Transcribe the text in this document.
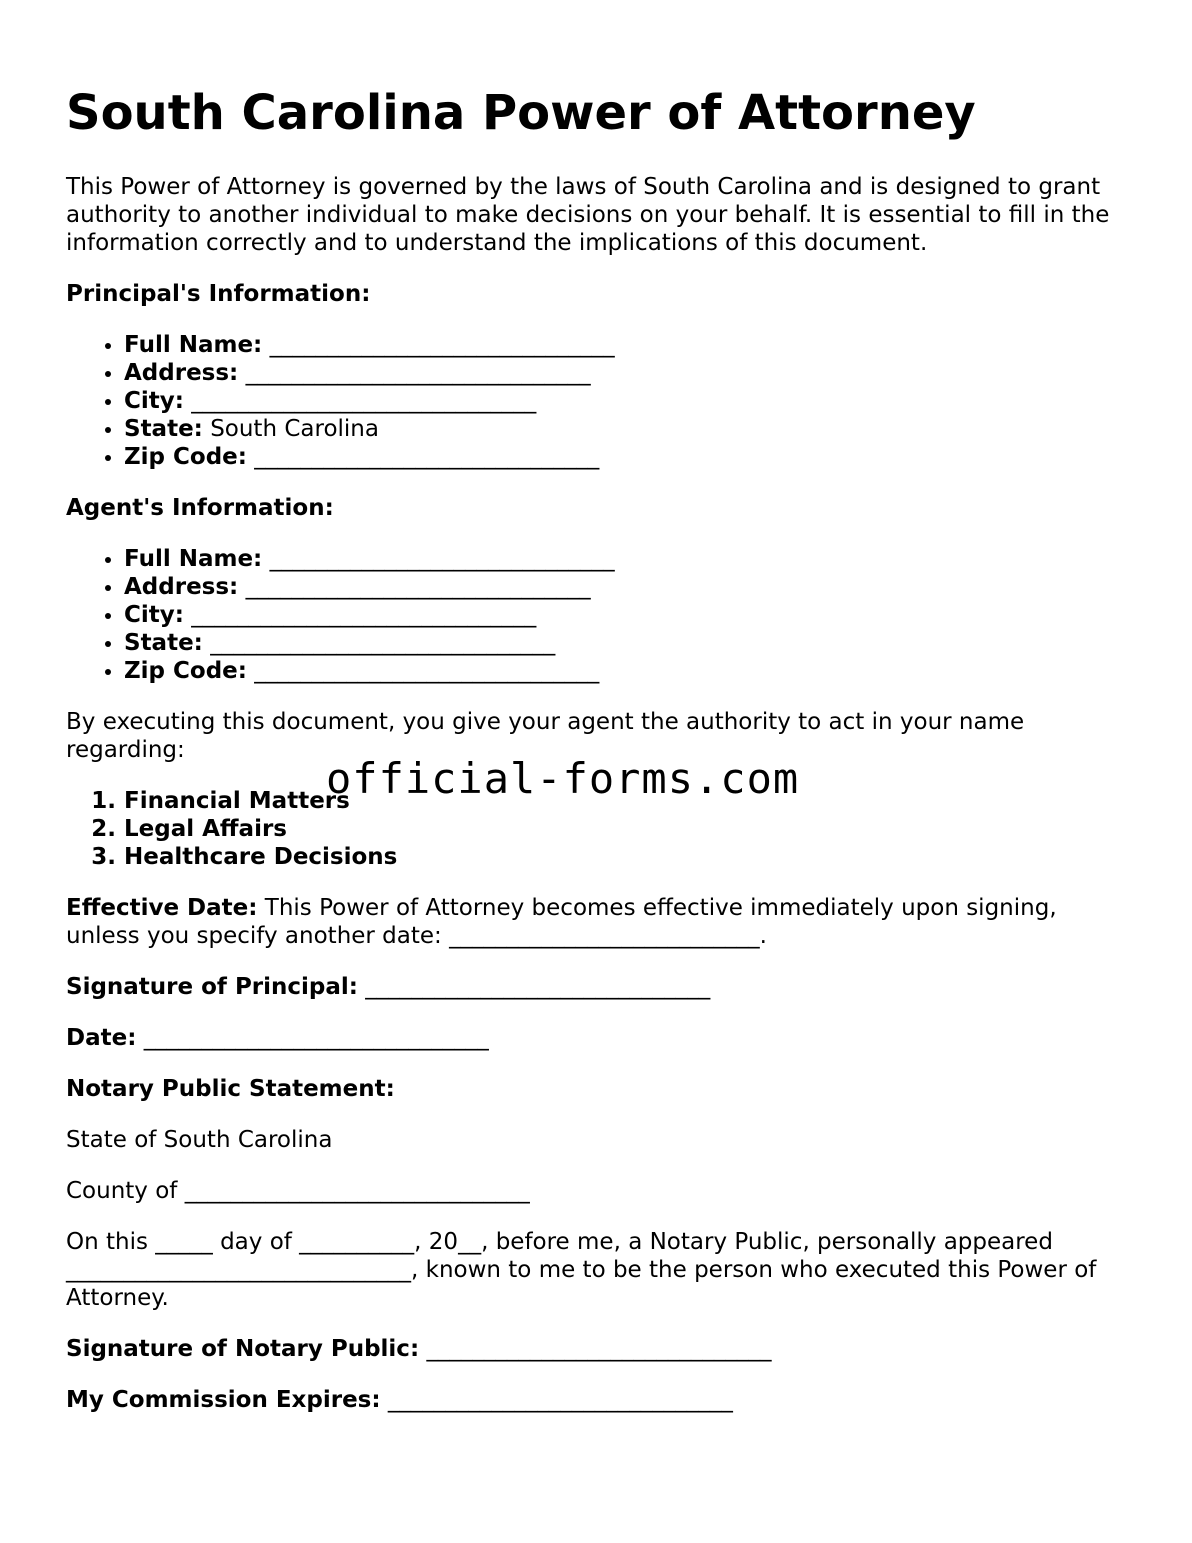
South Carolina Power of Attorney

This Power of Attorney is governed by the laws of South Carolina and is designed to grant authority to another individual to make decisions on your behalf. It is essential to fill in the information correctly and to understand the implications of this document.

Principal's Information:

• Full Name: ______________________________
• Address: ______________________________
• City: ______________________________
• State: South Carolina
• Zip Code: ______________________________

Agent's Information:

• Full Name: ______________________________
• Address: ______________________________
• City: ______________________________
• State: ______________________________
• Zip Code: ______________________________

By executing this document, you give your agent the authority to act in your name regarding:

1. Financial Matters
2. Legal Affairs
3. Healthcare Decisions

Effective Date: This Power of Attorney becomes effective immediately upon signing, unless you specify another date: ___________________________.

Signature of Principal: ______________________________

Date: ______________________________

Notary Public Statement:

State of South Carolina

County of ______________________________

On this _____ day of __________, 20__, before me, a Notary Public, personally appeared ______________________________, known to me to be the person who executed this Power of Attorney.

Signature of Notary Public: ______________________________

My Commission Expires: ______________________________

official-forms.com
